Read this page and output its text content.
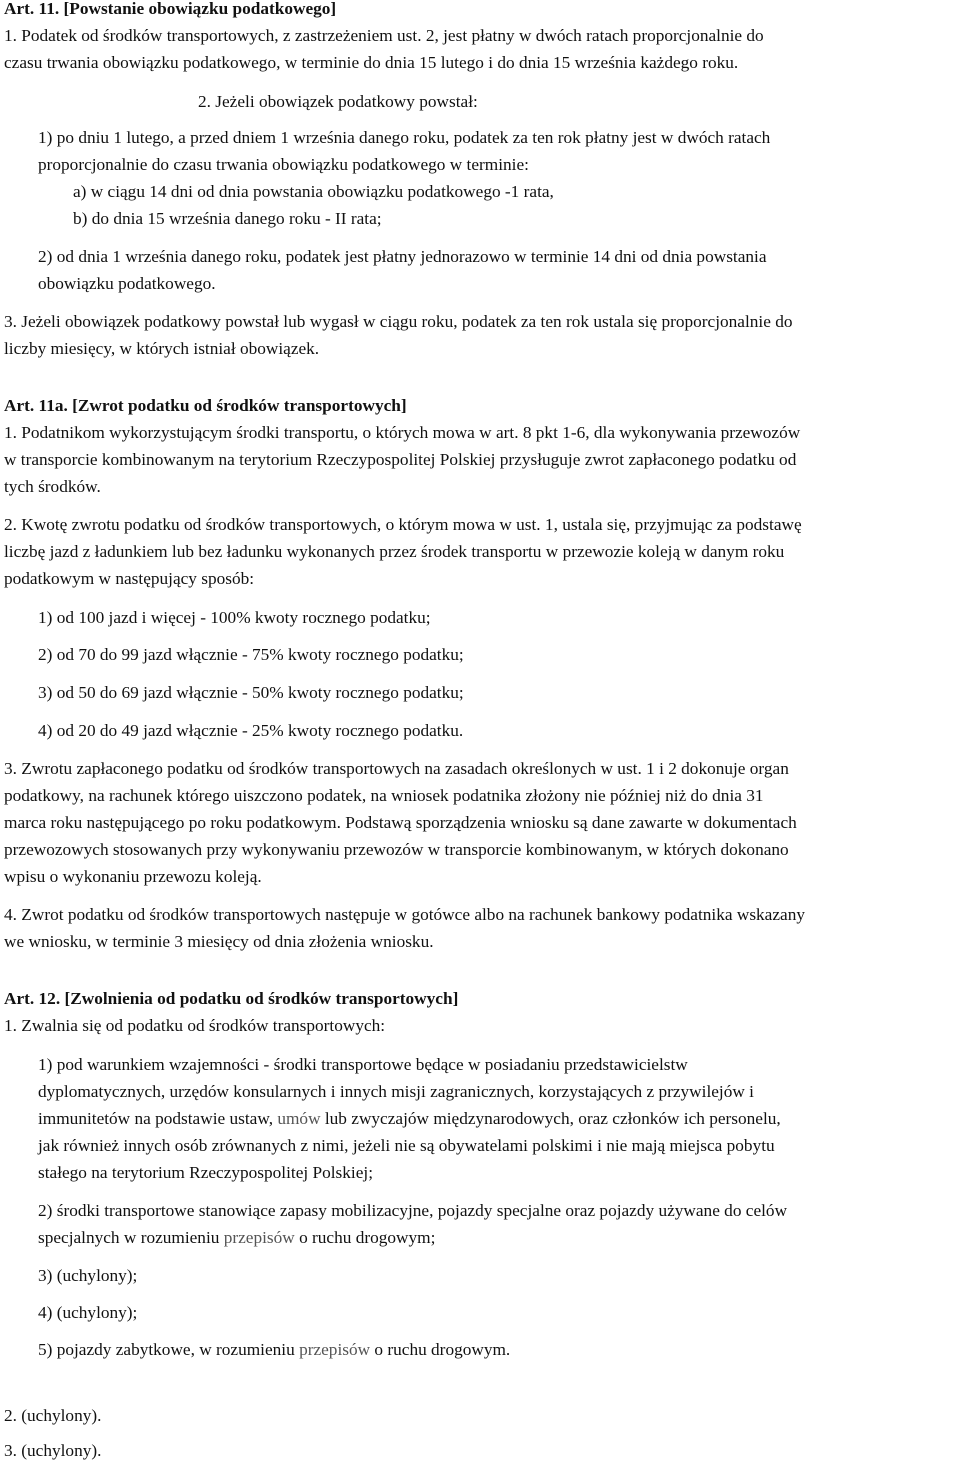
Art. 11. [Powstanie obowiązku podatkowego]
1. Podatek od środków transportowych, z zastrzeżeniem ust. 2, jest płatny w dwóch ratach proporcjonalnie do
czasu trwania obowiązku podatkowego, w terminie do dnia 15 lutego i do dnia 15 września każdego roku.
2. Jeżeli obowiązek podatkowy powstał:
1) po dniu 1 lutego, a przed dniem 1 września danego roku, podatek za ten rok płatny jest w dwóch ratach
proporcjonalnie do czasu trwania obowiązku podatkowego w terminie:
a) w ciągu 14 dni od dnia powstania obowiązku podatkowego -1 rata,
b) do dnia 15 września danego roku - II rata;
2) od dnia 1 września danego roku, podatek jest płatny jednorazowo w terminie 14 dni od dnia powstania
obowiązku podatkowego.
3. Jeżeli obowiązek podatkowy powstał lub wygasł w ciągu roku, podatek za ten rok ustala się proporcjonalnie do
liczby miesięcy, w których istniał obowiązek.
Art. 11a. [Zwrot podatku od środków transportowych]
1. Podatnikom wykorzystującym środki transportu, o których mowa w art. 8 pkt 1-6, dla wykonywania przewozów
w transporcie kombinowanym na terytorium Rzeczypospolitej Polskiej przysługuje zwrot zapłaconego podatku od
tych środków.
2. Kwotę zwrotu podatku od środków transportowych, o którym mowa w ust. 1, ustala się, przyjmując za podstawę
liczbę jazd z ładunkiem lub bez ładunku wykonanych przez środek transportu w przewozie koleją w danym roku
podatkowym w następujący sposób:
1) od 100 jazd i więcej - 100% kwoty rocznego podatku;
2) od 70 do 99 jazd włącznie - 75% kwoty rocznego podatku;
3) od 50 do 69 jazd włącznie - 50% kwoty rocznego podatku;
4) od 20 do 49 jazd włącznie - 25% kwoty rocznego podatku.
3. Zwrotu zapłaconego podatku od środków transportowych na zasadach określonych w ust. 1 i 2 dokonuje organ
podatkowy, na rachunek którego uiszczono podatek, na wniosek podatnika złożony nie później niż do dnia 31
marca roku następującego po roku podatkowym. Podstawą sporządzenia wniosku są dane zawarte w dokumentach
przewozowych stosowanych przy wykonywaniu przewozów w transporcie kombinowanym, w których dokonano
wpisu o wykonaniu przewozu koleją.
4. Zwrot podatku od środków transportowych następuje w gotówce albo na rachunek bankowy podatnika wskazany
we wniosku, w terminie 3 miesięcy od dnia złożenia wniosku.
Art. 12. [Zwolnienia od podatku od środków transportowych]
1. Zwalnia się od podatku od środków transportowych:
1) pod warunkiem wzajemności - środki transportowe będące w posiadaniu przedstawicielstw
dyplomatycznych, urzędów konsularnych i innych misji zagranicznych, korzystających z przywilejów i
immunitetów na podstawie ustaw, umów lub zwyczajów międzynarodowych, oraz członków ich personelu,
jak również innych osób zrównanych z nimi, jeżeli nie są obywatelami polskimi i nie mają miejsca pobytu
stałego na terytorium Rzeczypospolitej Polskiej;
2) środki transportowe stanowiące zapasy mobilizacyjne, pojazdy specjalne oraz pojazdy używane do celów
specjalnych w rozumieniu przepisów o ruchu drogowym;
3) (uchylony);
4) (uchylony);
5) pojazdy zabytkowe, w rozumieniu przepisów o ruchu drogowym.
2. (uchylony).
3. (uchylony).
